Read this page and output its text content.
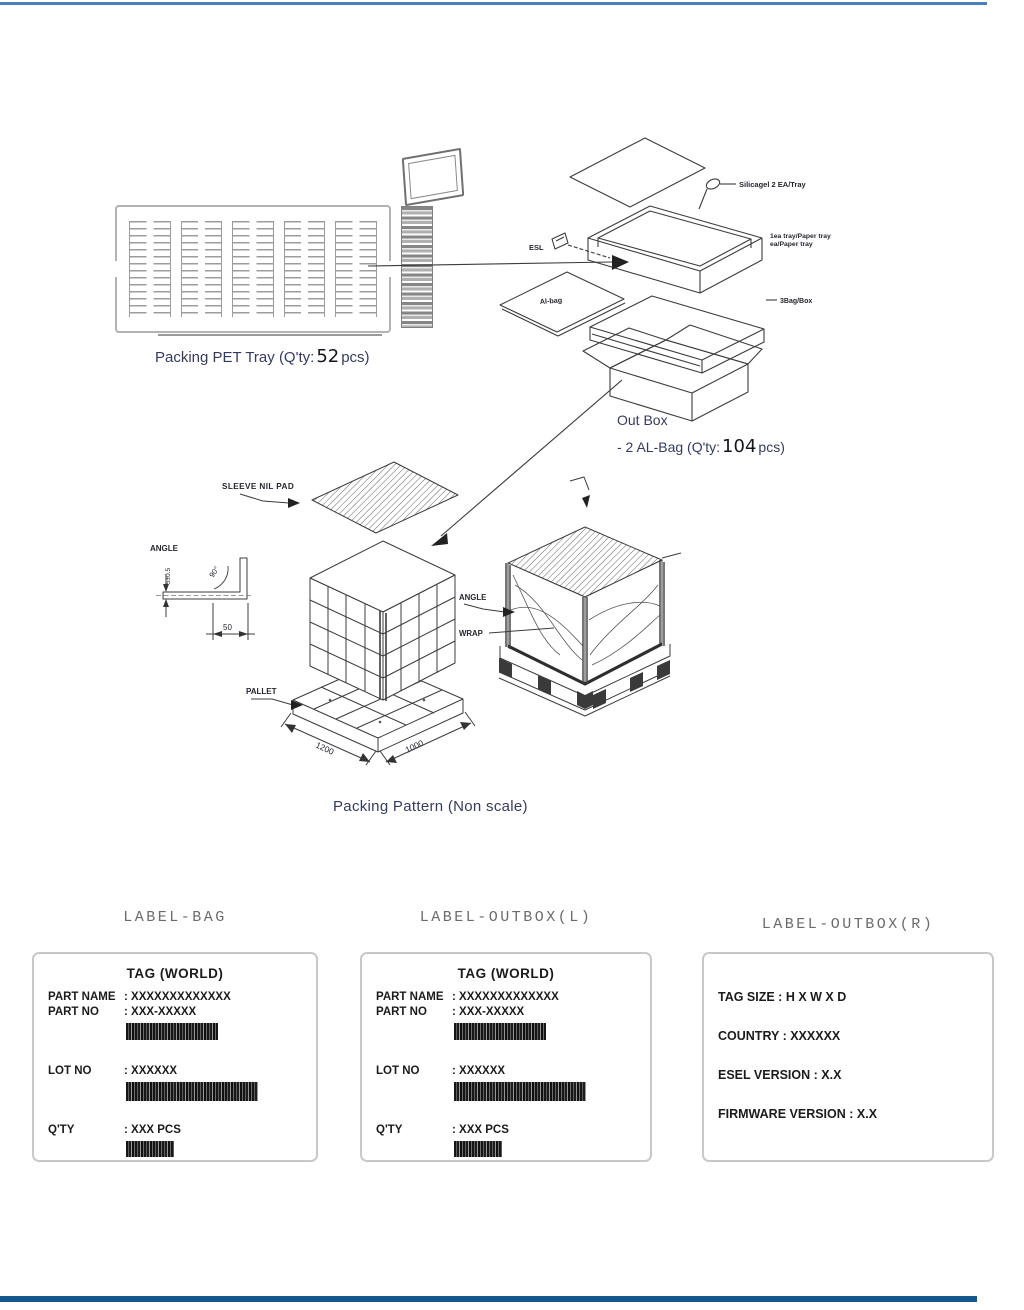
Silicagel 2 EA/Tray
ESL
1ea tray/Paper tray
ea/Paper tray
Al-bag	3Bag/Box
SLEEVE NIL PAD
ANGLE
PALLET
ANGLE
WRAP
5±0.5	90°
50
1200	1000
Packing PET Tray (Q'ty: 52 pcs)
Out Box
- 2 AL-Bag (Q'ty: 104 pcs)
Packing Pattern (Non scale)
LABEL-BAG
TAG (WORLD)
PART NAME : XXXXXXXXXXXXX
PART NO	: XXX-XXXXX
LOT NO	: XXXXXX
Q'TY	: XXX PCS
LABEL-OUTBOX(L)
TAG (WORLD)
PART NAME : XXXXXXXXXXXXX
PART NO	: XXX-XXXXX
LOT NO	: XXXXXX
Q'TY	: XXX PCS
LABEL-OUTBOX(R)
TAG SIZE : H X W X D
COUNTRY : XXXXXX
ESEL VERSION : X.X
FIRMWARE VERSION : X.X
